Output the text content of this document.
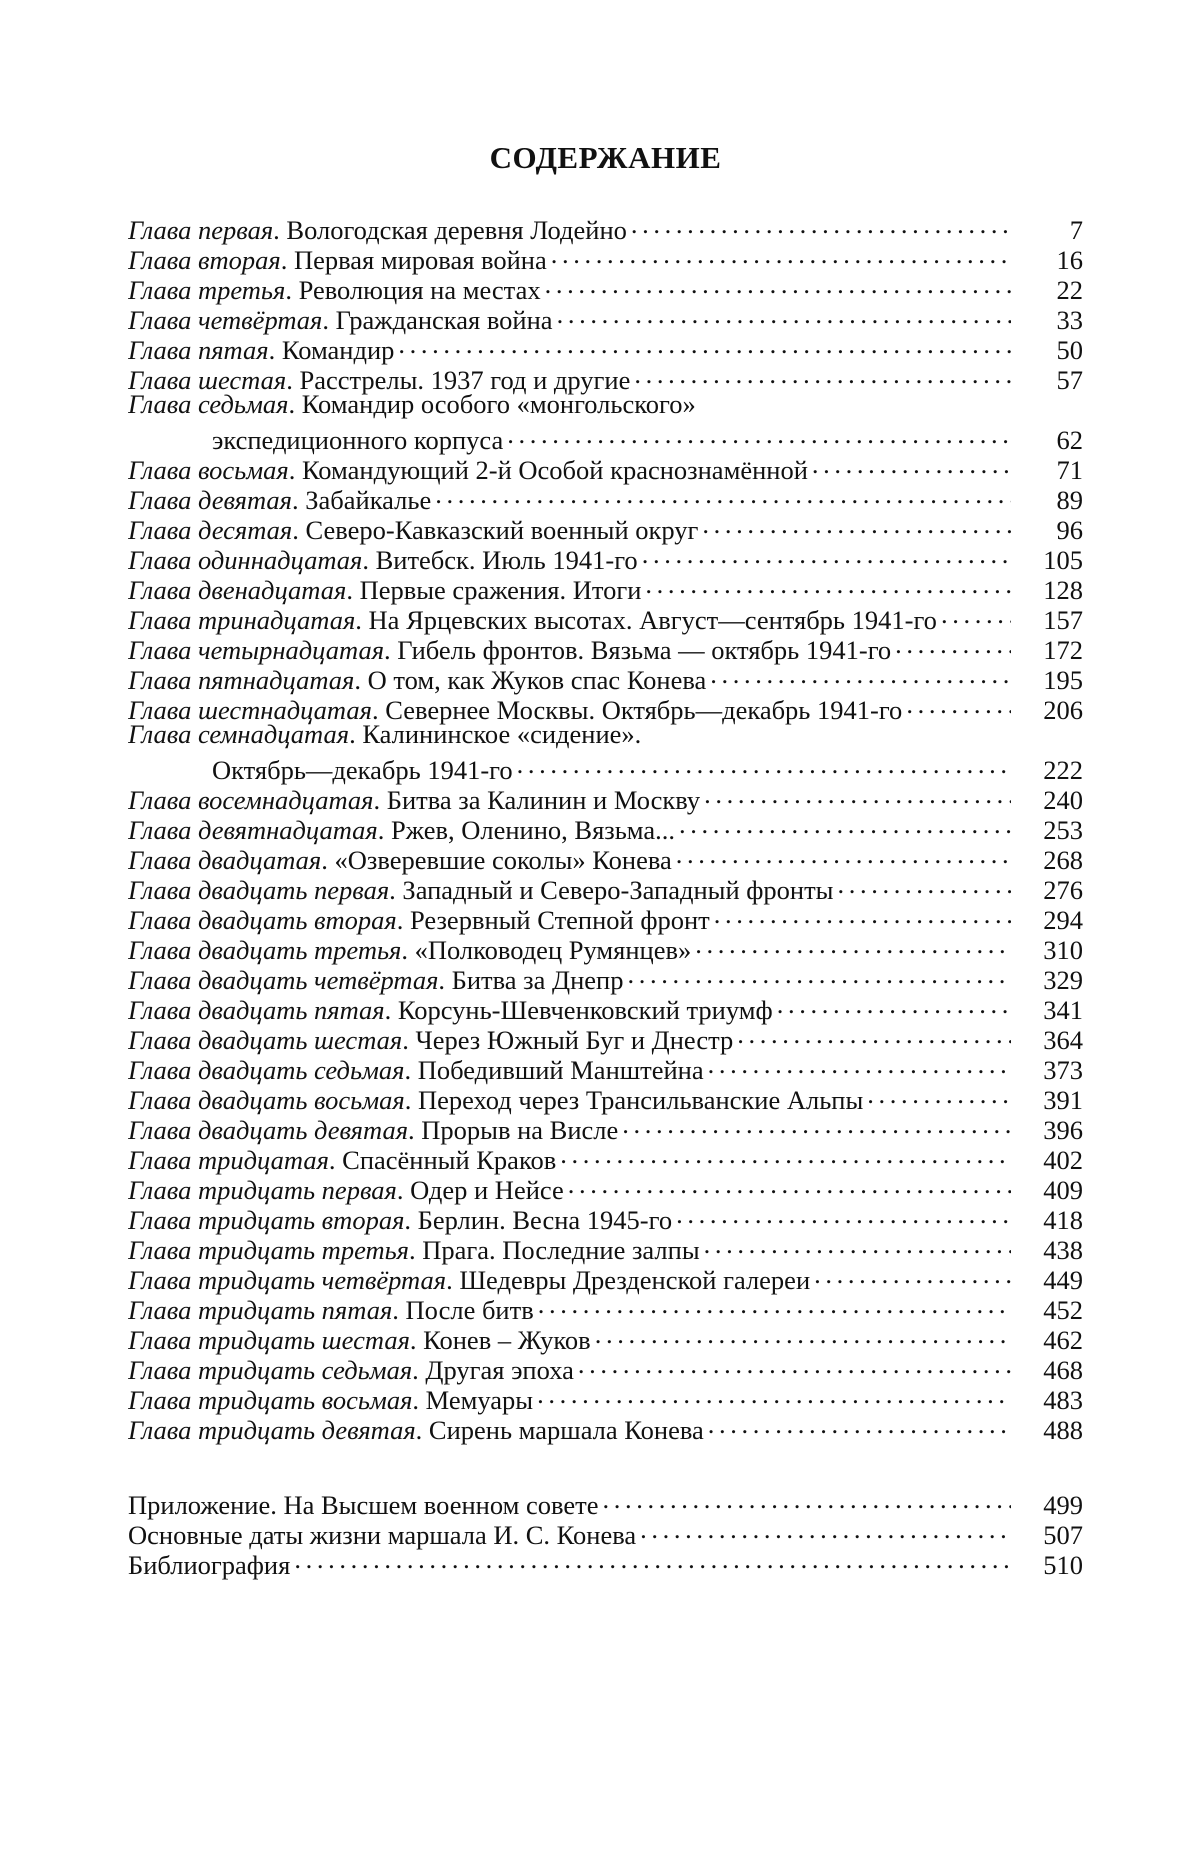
СОДЕРЖАНИЕ
Глава первая. Вологодская деревня Лодейно . . .	7
Глава вторая. Первая мировая война . . .	16
Глава третья. Революция на местах . . .	22
Глава четвёртая. Гражданская война . . .	33
Глава пятая. Командир . . .	50
Глава шестая. Расстрелы. 1937 год и другие . . .	57
Глава седьмая. Командир особого «монгольского»
экспедиционного корпуса . . .	62
Глава восьмая. Командующий 2-й Особой краснознамённой . . .	71
Глава девятая. Забайкалье . . .	89
Глава десятая. Северо-Кавказский военный округ . . .	96
Глава одиннадцатая. Витебск. Июль 1941-го . . .	105
Глава двенадцатая. Первые сражения. Итоги . . .	128
Глава тринадцатая. На Ярцевских высотах. Август—сентябрь 1941-го . . .	157
Глава четырнадцатая. Гибель фронтов. Вязьма — октябрь 1941-го . . .	172
Глава пятнадцатая. О том, как Жуков спас Конева . . .	195
Глава шестнадцатая. Севернее Москвы. Октябрь—декабрь 1941-го . . .	206
Глава семнадцатая. Калининское «сидение».
Октябрь—декабрь 1941-го . . .	222
Глава восемнадцатая. Битва за Калинин и Москву . . .	240
Глава девятнадцатая. Ржев, Оленино, Вязьма... . . .	253
Глава двадцатая. «Озверевшие соколы» Конева . . .	268
Глава двадцать первая. Западный и Северо-Западный фронты . . .	276
Глава двадцать вторая. Резервный Степной фронт . . .	294
Глава двадцать третья. «Полководец Румянцев» . . .	310
Глава двадцать четвёртая. Битва за Днепр . . .	329
Глава двадцать пятая. Корсунь-Шевченковский триумф . . .	341
Глава двадцать шестая. Через Южный Буг и Днестр . . .	364
Глава двадцать седьмая. Победивший Манштейна . . .	373
Глава двадцать восьмая. Переход через Трансильванские Альпы . . .	391
Глава двадцать девятая. Прорыв на Висле . . .	396
Глава тридцатая. Спасённый Краков . . .	402
Глава тридцать первая. Одер и Нейсе . . .	409
Глава тридцать вторая. Берлин. Весна 1945-го . . .	418
Глава тридцать третья. Прага. Последние залпы . . .	438
Глава тридцать четвёртая. Шедевры Дрезденской галереи . . .	449
Глава тридцать пятая. После битв . . .	452
Глава тридцать шестая. Конев – Жуков . . .	462
Глава тридцать седьмая. Другая эпоха . . .	468
Глава тридцать восьмая. Мемуары . . .	483
Глава тридцать девятая. Сирень маршала Конева . . .	488
Приложение. На Высшем военном совете . . .	499
Основные даты жизни маршала И. С. Конева . . .	507
Библиография . . .	510
